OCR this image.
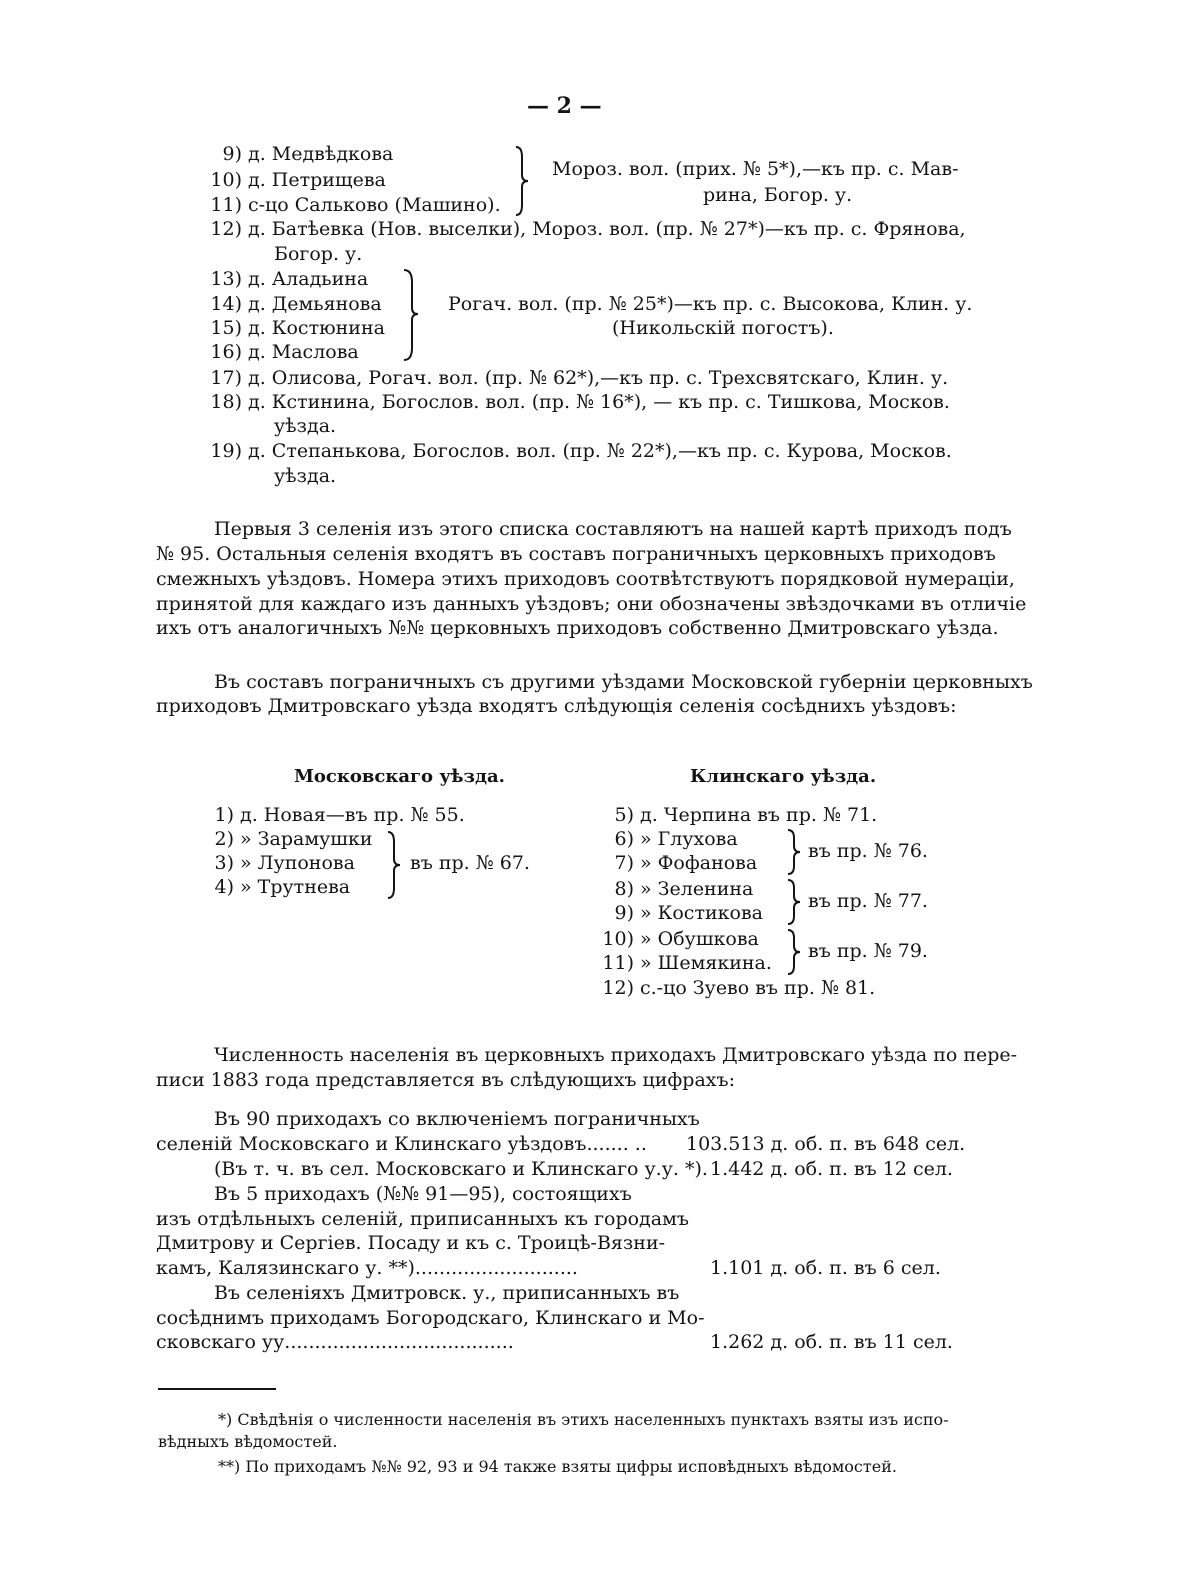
— 2 —
9) д. Медвѣдкова
10) д. Петрищева
11) с-цо Сальково (Машино).
Мороз. вол. (прих. № 5*),—къ пр. с. Мав-
рина, Богор. у.
12) д. Батѣевка (Нов. выселки), Мороз. вол. (пр. № 27*)—къ пр. с. Фрянова,
Богор. у.
13) д. Аладьина
14) д. Демьянова
15) д. Костюнина
16) д. Маслова
Рогач. вол. (пр. № 25*)—къ пр. с. Высокова, Клин. у.
(Никольскій погостъ).
17) д. Олисова, Рогач. вол. (пр. № 62*),—къ пр. с. Трехсвятскаго, Клин. у.
18) д. Кстинина, Богослов. вол. (пр. № 16*), — къ пр. с. Тишкова, Москов.
уѣзда.
19) д. Степанькова, Богослов. вол. (пр. № 22*),—къ пр. с. Курова, Москов.
уѣзда.
Первыя 3 селенія изъ этого списка составляютъ на нашей картѣ приходъ подъ
№ 95. Остальныя селенія входятъ въ составъ пограничныхъ церковныхъ приходовъ
смежныхъ уѣздовъ. Номера этихъ приходовъ соотвѣтствуютъ порядковой нумераціи,
принятой для каждаго изъ данныхъ уѣздовъ; они обозначены звѣздочками въ отличіе
ихъ отъ аналогичныхъ №№ церковныхъ приходовъ собственно Дмитровскаго уѣзда.
Въ составъ пограничныхъ съ другими уѣздами Московской губерніи церковныхъ
приходовъ Дмитровскаго уѣзда входятъ слѣдующія селенія сосѣднихъ уѣздовъ:
Московскаго уѣзда.
1) д. Новая—въ пр. № 55.
2) » Зарамушки
3) » Лупонова
4) » Трутнева
въ пр. № 67.
Клинскаго уѣзда.
5) д. Черпина въ пр. № 71.
6) » Глухова
7) » Фофанова
8) » Зеленина
9) » Костикова
10) » Обушкова
11) » Шемякина.
12) с.-цо Зуево въ пр. № 81.
въ пр. № 76.
въ пр. № 77.
въ пр. № 79.
Численность населенія въ церковныхъ приходахъ Дмитровскаго уѣзда по пере-
писи 1883 года представляется въ слѣдующихъ цифрахъ:
Въ 90 приходахъ со включеніемъ пограничныхъ
селеній Московскаго и Клинскаго уѣздовъ....... .. 103.513 д. об. п. въ 648 сел.
(Въ т. ч. въ сел. Московскаго и Клинскаго у.у. *). 1.442 д. об. п. въ 12 сел.
Въ 5 приходахъ (№№ 91—95), состоящихъ
изъ отдѣльныхъ селеній, приписанныхъ къ городамъ
Дмитрову и Сергіев. Посаду и къ с. Троицѣ-Вязни-
камъ, Калязинскаго у. **)...........................	1.101 д. об. п. въ 6 сел.
Въ селеніяхъ Дмитровск. у., приписанныхъ въ
сосѣднимъ приходамъ Богородскаго, Клинскаго и Мо-
сковскаго уу......................................	1.262 д. об. п. въ 11 сел.
*) Свѣдѣнія о численности населенія въ этихъ населенныхъ пунктахъ взяты изъ испо-
вѣдныхъ вѣдомостей.
**) По приходамъ №№ 92, 93 и 94 также взяты цифры исповѣдныхъ вѣдомостей.
